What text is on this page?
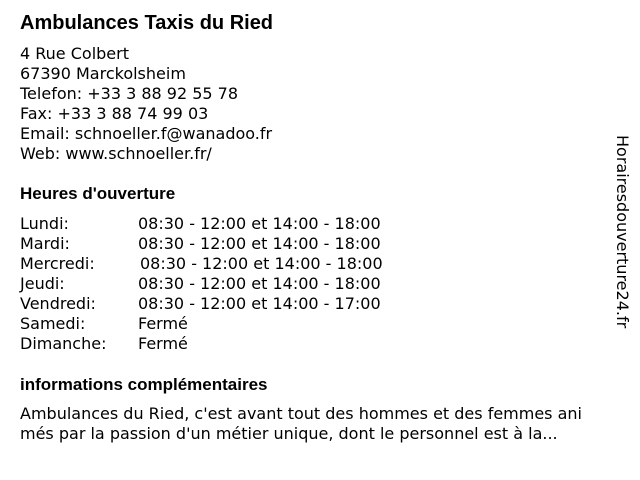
Ambulances Taxis du Ried
4 Rue Colbert
67390 Marckolsheim
Telefon: +33 3 88 92 55 78
Fax: +33 3 88 74 99 03
Email: schnoeller.f@wanadoo.fr
Web: www.schnoeller.fr/
Heures d'ouverture
Lundi:	08:30 - 12:00 et 14:00 - 18:00
Mardi:	08:30 - 12:00 et 14:00 - 18:00
Mercredi:	08:30 - 12:00 et 14:00 - 18:00
Jeudi:	08:30 - 12:00 et 14:00 - 18:00
Vendredi:	08:30 - 12:00 et 14:00 - 17:00
Samedi:	Fermé
Dimanche: Fermé
informations complémentaires
Ambulances du Ried, c'est avant tout des hommes et des femmes ani
més par la passion d'un métier unique, dont le personnel est à la...
Horairesdouverture24.fr
